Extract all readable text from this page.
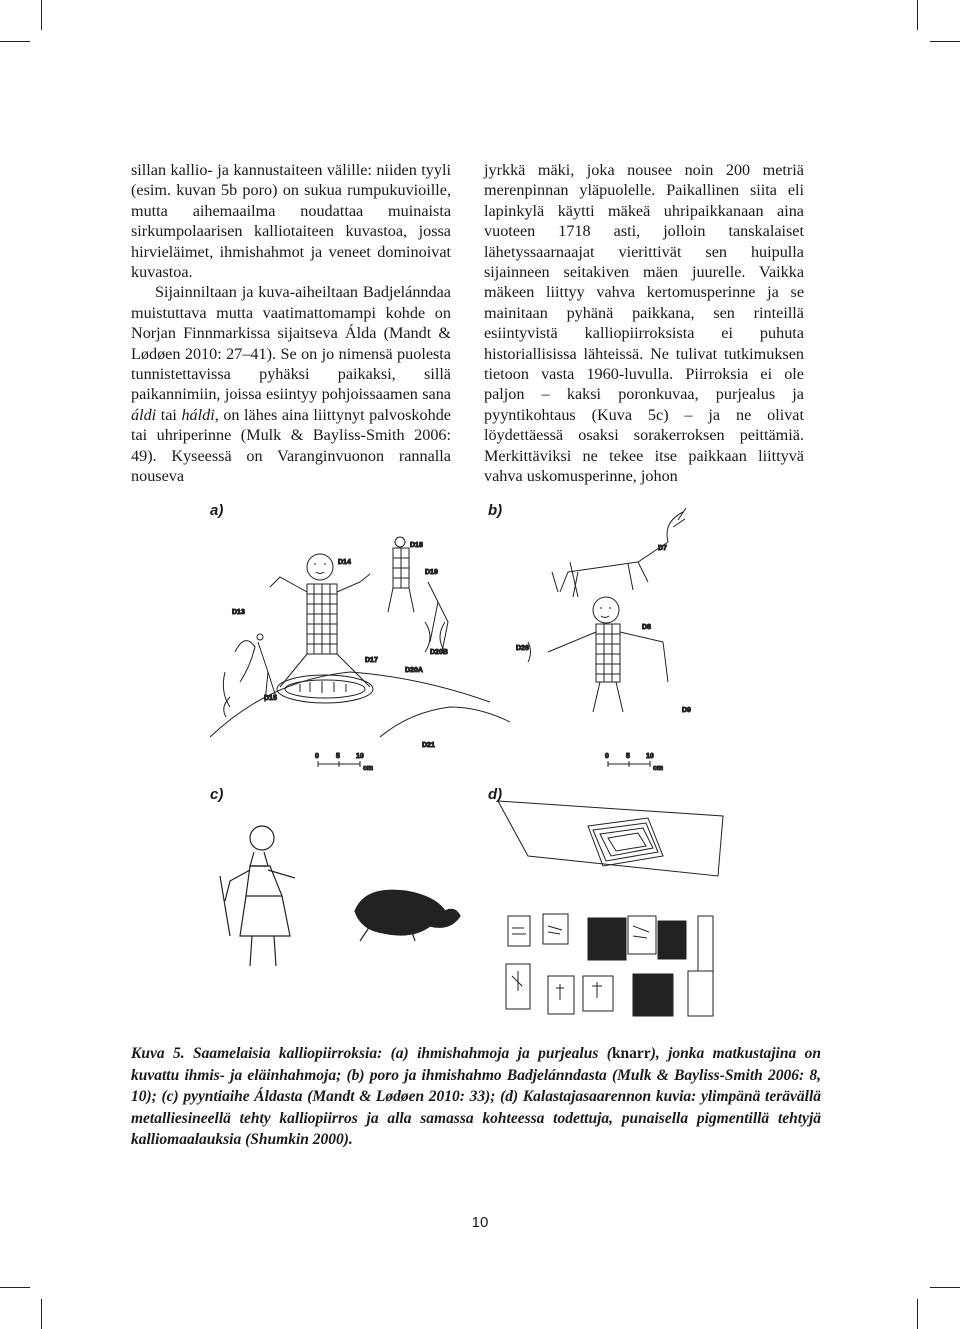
sillan kallio- ja kannustaiteen välille: niiden tyyli (esim. kuvan 5b poro) on sukua rumpukuvioille, mutta aihemaailma noudattaa muinaista sirkumpolaarisen kalliotaiteen kuvastoa, jossa hirvieläimet, ihmishahmot ja veneet dominoivat kuvastoa.

Sijainniltaan ja kuva-aiheiltaan Badjelánndaa muistuttava mutta vaatimattomampi kohde on Norjan Finnmarkissa sijaitseva Álda (Mandt & Lødøen 2010: 27–41). Se on jo nimensä puolesta tunnistettavissa pyhäksi paikaksi, sillä paikannimiin, joissa esiintyy pohjoissaamen sana áldi tai háldi, on lähes aina liittynyt palvoskohde tai uhriperinne (Mulk & Bayliss-Smith 2006: 49). Kyseessä on Varanginvuonon rannalla nouseva

jyrkkä mäki, joka nousee noin 200 metriä merenpinnan yläpuolelle. Paikallinen siita eli lapinkylä käytti mäkeä uhripaikkanaan aina vuoteen 1718 asti, jolloin tanskalaiset lähetyssaarnaajat vierittivät sen huipulla sijainneen seitakiven mäen juurelle. Vaikka mäkeen liittyy vahva kertomusperinne ja se mainitaan pyhänä paikkana, sen rinteillä esiintyvistä kalliopiirroksista ei puhuta historiallisissa lähteissä. Ne tulivat tutkimuksen tietoon vasta 1960-luvulla. Piirroksia ei ole paljon – kaksi poronkuvaa, purjealus ja pyyntikohtaus (Kuva 5c) – ja ne olivat löydettäessä osaksi sorakerroksen peittämiä. Merkittäviksi ne tekee itse paikkaan liittyvä vahva uskomusperinne, johon

a)
0 5 10
cm
D13
D14
D15
D17
D18
D19
D20B
D20A
D21
b)
0 5 10
cm
D7
D8
D9
D26
c)	d)
Kuva 5. Saamelaisia kalliopiirroksia: (a) ihmishahmoja ja purjealus (knarr), jonka matkustajina on kuvattu ihmis- ja eläinhahmoja; (b) poro ja ihmishahmo Badjelánndasta (Mulk & Bayliss-Smith 2006: 8, 10); (c) pyyntiaihe Áldasta (Mandt & Lødøen 2010: 33); (d) Kalastajasaarennon kuvia: ylimpänä terävällä metalliesineellä tehty kalliopiirros ja alla samassa kohteessa todettuja, punaisella pigmentillä tehtyjä kalliomaalauksia (Shumkin 2000).
10
